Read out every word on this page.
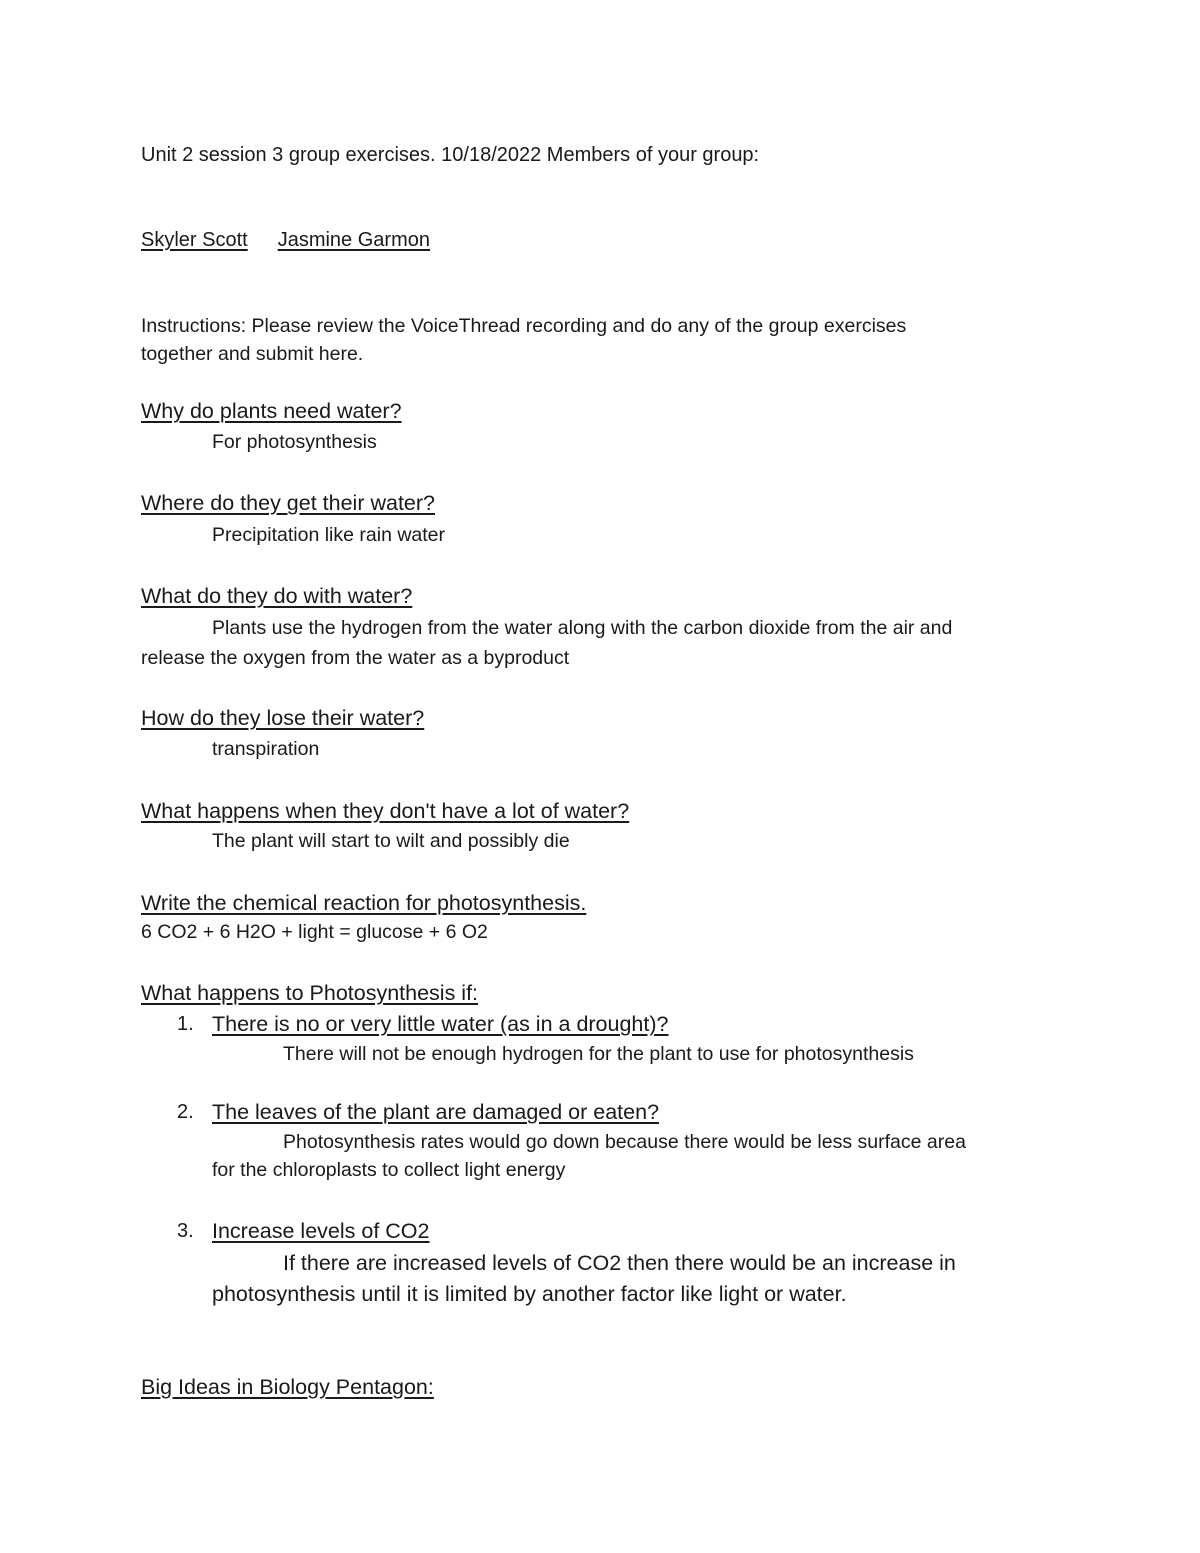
Unit 2 session 3 group exercises. 10/18/2022 Members of your group:
Skyler Scott Jasmine Garmon
Instructions: Please review the VoiceThread recording and do any of the group exercises
together and submit here.
Why do plants need water?
For photosynthesis
Where do they get their water?
Precipitation like rain water
What do they do with water?
Plants use the hydrogen from the water along with the carbon dioxide from the air and
release the oxygen from the water as a byproduct
How do they lose their water?
transpiration
What happens when they don't have a lot of water?
The plant will start to wilt and possibly die
Write the chemical reaction for photosynthesis.
6 CO2 + 6 H2O + light = glucose + 6 O2
What happens to Photosynthesis if:
1. There is no or very little water (as in a drought)?
There will not be enough hydrogen for the plant to use for photosynthesis
2. The leaves of the plant are damaged or eaten?
Photosynthesis rates would go down because there would be less surface area
for the chloroplasts to collect light energy
3. Increase levels of CO2
If there are increased levels of CO2 then there would be an increase in
photosynthesis until it is limited by another factor like light or water.
Big Ideas in Biology Pentagon:
